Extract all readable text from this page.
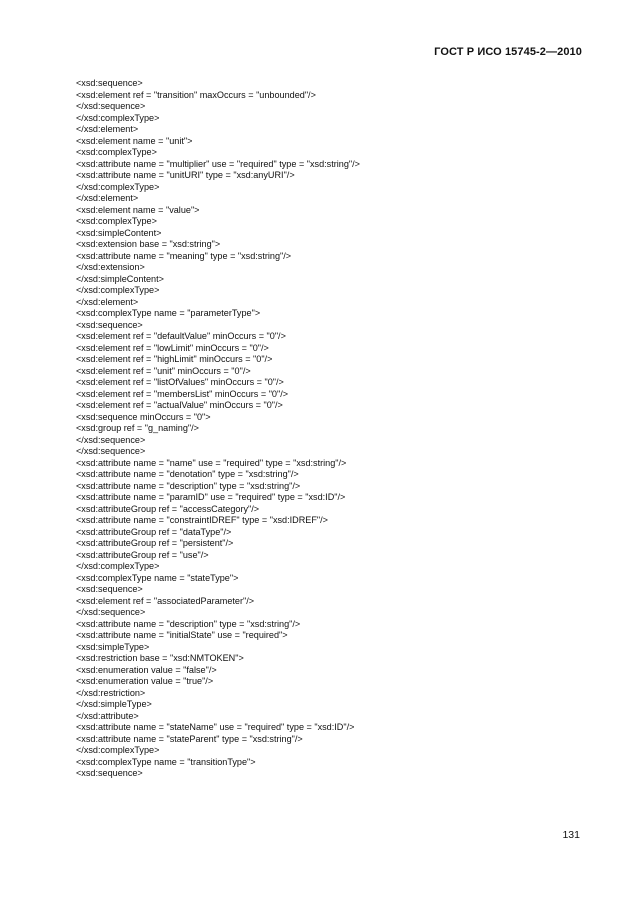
ГОСТ Р ИСО 15745-2—2010
<xsd:sequence>
<xsd:element ref = "transition" maxOccurs = "unbounded"/>
</xsd:sequence>
</xsd:complexType>
</xsd:element>
<xsd:element name = "unit">
<xsd:complexType>
<xsd:attribute name = "multiplier" use = "required" type = "xsd:string"/>
<xsd:attribute name = "unitURI" type = "xsd:anyURI"/>
</xsd:complexType>
</xsd:element>
<xsd:element name = "value">
<xsd:complexType>
<xsd:simpleContent>
<xsd:extension base = "xsd:string">
<xsd:attribute name = "meaning" type = "xsd:string"/>
</xsd:extension>
</xsd:simpleContent>
</xsd:complexType>
</xsd:element>
<xsd:complexType name = "parameterType">
<xsd:sequence>
<xsd:element ref = "defaultValue" minOccurs = "0"/>
<xsd:element ref = "lowLimit" minOccurs = "0"/>
<xsd:element ref = "highLimit" minOccurs = "0"/>
<xsd:element ref = "unit" minOccurs = "0"/>
<xsd:element ref = "listOfValues" minOccurs = "0"/>
<xsd:element ref = "membersList" minOccurs = "0"/>
<xsd:element ref = "actualValue" minOccurs = "0"/>
<xsd:sequence minOccurs = "0">
<xsd:group ref = "g_naming"/>
</xsd:sequence>
</xsd:sequence>
<xsd:attribute name = "name" use = "required" type = "xsd:string"/>
<xsd:attribute name = "denotation" type = "xsd:string"/>
<xsd:attribute name = "description" type = "xsd:string"/>
<xsd:attribute name = "paramID" use = "required" type = "xsd:ID"/>
<xsd:attributeGroup ref = "accessCategory"/>
<xsd:attribute name = "constraintIDREF" type = "xsd:IDREF"/>
<xsd:attributeGroup ref = "dataType"/>
<xsd:attributeGroup ref = "persistent"/>
<xsd:attributeGroup ref = "use"/>
</xsd:complexType>
<xsd:complexType name = "stateType">
<xsd:sequence>
<xsd:element ref = "associatedParameter"/>
</xsd:sequence>
<xsd:attribute name = "description" type = "xsd:string"/>
<xsd:attribute name = "initialState" use = "required">
<xsd:simpleType>
<xsd:restriction base = "xsd:NMTOKEN">
<xsd:enumeration value = "false"/>
<xsd:enumeration value = "true"/>
</xsd:restriction>
</xsd:simpleType>
</xsd:attribute>
<xsd:attribute name = "stateName" use = "required" type = "xsd:ID"/>
<xsd:attribute name = "stateParent" type = "xsd:string"/>
</xsd:complexType>
<xsd:complexType name = "transitionType">
<xsd:sequence>
131
